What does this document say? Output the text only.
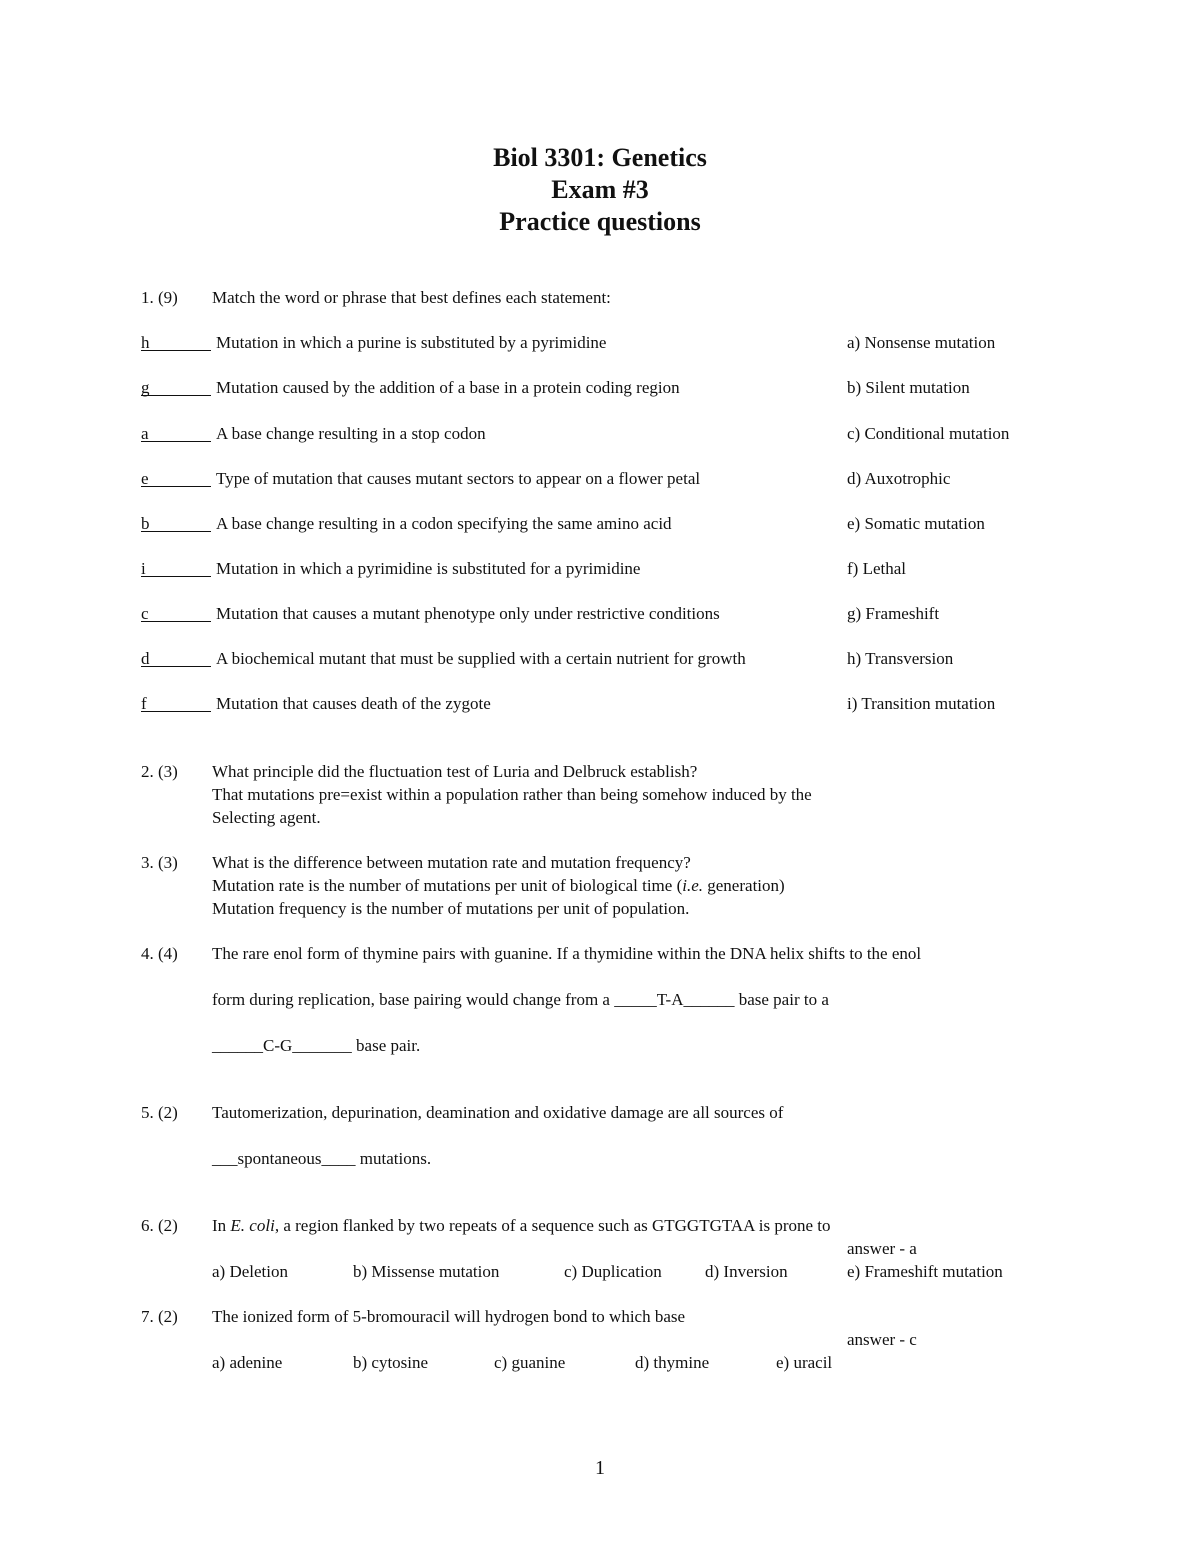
Biol 3301: Genetics
Exam #3
Practice questions
1. (9) Match the word or phrase that best defines each statement:
h	Mutation in which a purine is substituted by a pyrimidine	a) Nonsense mutation
g	Mutation caused by the addition of a base in a protein coding region	b) Silent mutation
a	A base change resulting in a stop codon	c) Conditional mutation
e	Type of mutation that causes mutant sectors to appear on a flower petal	d) Auxotrophic
b	A base change resulting in a codon specifying the same amino acid	e) Somatic mutation
i	Mutation in which a pyrimidine is substituted for a pyrimidine	f) Lethal
c	Mutation that causes a mutant phenotype only under restrictive conditions	g) Frameshift
d	A biochemical mutant that must be supplied with a certain nutrient for growth	h) Transversion
f	Mutation that causes death of the zygote	i) Transition mutation
2. (3) What principle did the fluctuation test of Luria and Delbruck establish?
That mutations pre=exist within a population rather than being somehow induced by the
Selecting agent.
3. (3) What is the difference between mutation rate and mutation frequency?
Mutation rate is the number of mutations per unit of biological time (i.e. generation)
Mutation frequency is the number of mutations per unit of population.
4. (4) The rare enol form of thymine pairs with guanine. If a thymidine within the DNA helix shifts to the enol
form during replication, base pairing would change from a _____T-A______ base pair to a
______C-G_______ base pair.
5. (2) Tautomerization, depurination, deamination and oxidative damage are all sources of
___spontaneous____ mutations.
6. (2) In E. coli, a region flanked by two repeats of a sequence such as GTGGTGTAA is prone to
answer - a
a) Deletion	b) Missense mutation	c) Duplication	d) Inversion	e) Frameshift mutation
7. (2) The ionized form of 5-bromouracil will hydrogen bond to which base
answer - c
a) adenine	b) cytosine	c) guanine	d) thymine	e) uracil
1
